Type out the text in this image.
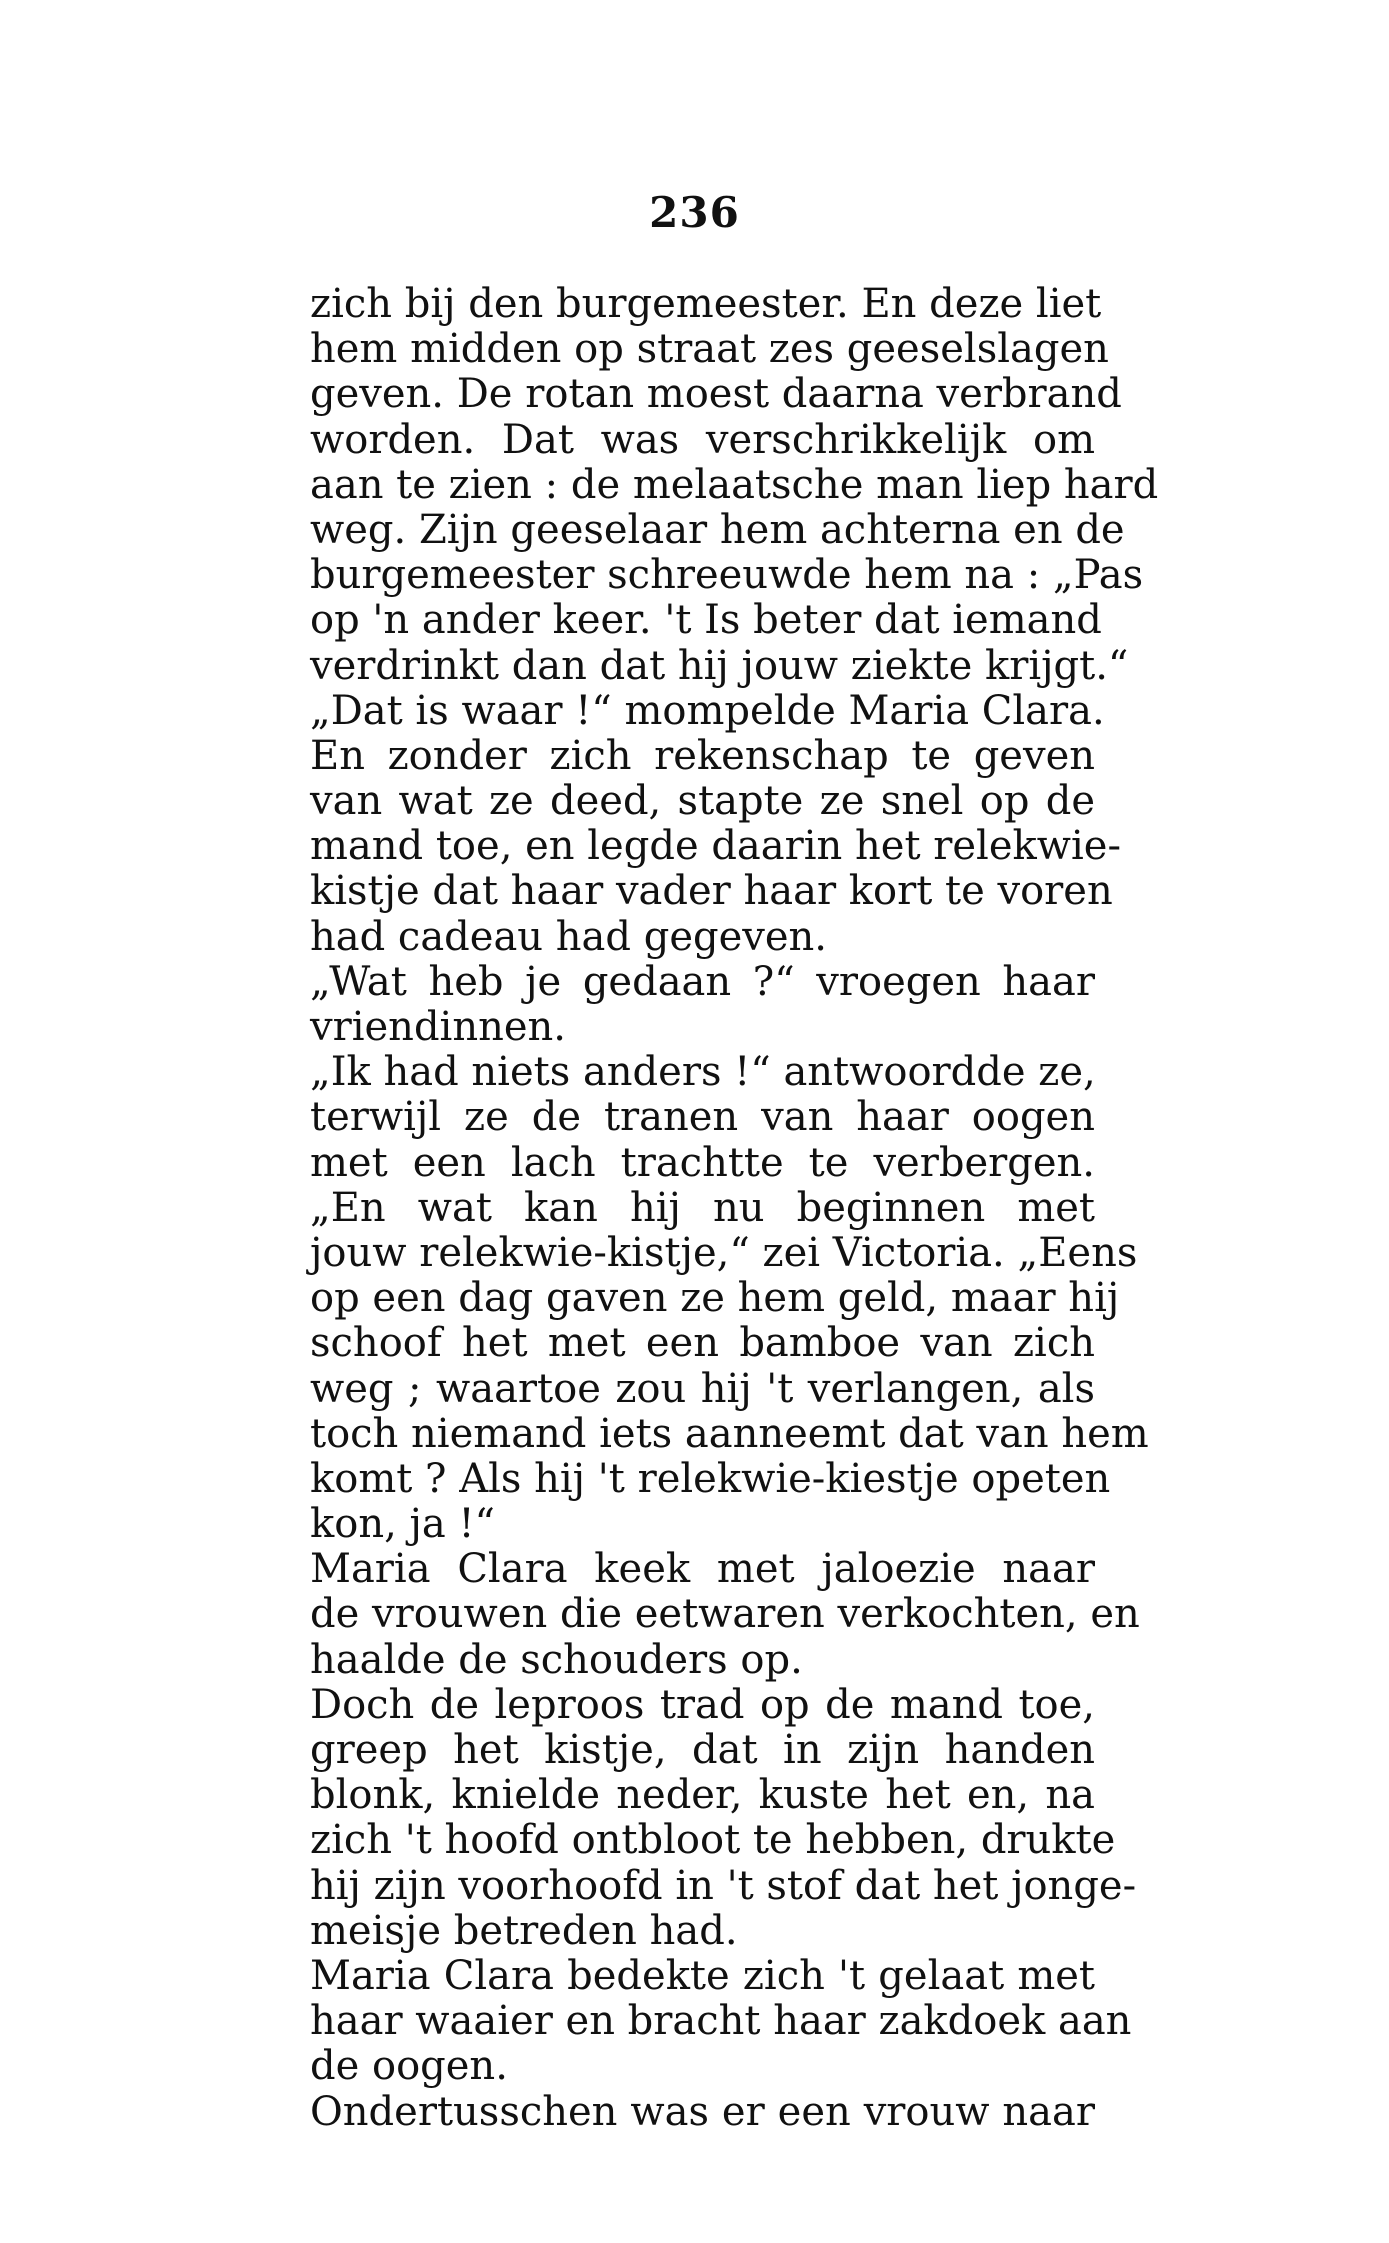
236
zich bij den burgemeester. En deze liet
hem midden op straat zes geeselslagen
geven. De rotan moest daarna verbrand
worden. Dat was verschrikkelijk om
aan te zien : de melaatsche man liep hard
weg. Zijn geeselaar hem achterna en de
burgemeester schreeuwde hem na : „Pas
op 'n ander keer. 't Is beter dat iemand
verdrinkt dan dat hij jouw ziekte krijgt.“
„Dat is waar !“ mompelde Maria Clara.
En zonder zich rekenschap te geven
van wat ze deed, stapte ze snel op de
mand toe, en legde daarin het relekwie-
kistje dat haar vader haar kort te voren
had cadeau had gegeven.
„Wat heb je gedaan ?“ vroegen haar
vriendinnen.
„Ik had niets anders !“ antwoordde ze,
terwijl ze de tranen van haar oogen
met een lach trachtte te verbergen.
„En wat kan hij nu beginnen met
jouw relekwie-kistje,“ zei Victoria. „Eens
op een dag gaven ze hem geld, maar hij
schoof het met een bamboe van zich
weg ; waartoe zou hij 't verlangen, als
toch niemand iets aanneemt dat van hem
komt ? Als hij 't relekwie-kiestje opeten
kon, ja !“
Maria Clara keek met jaloezie naar
de vrouwen die eetwaren verkochten, en
haalde de schouders op.
Doch de leproos trad op de mand toe,
greep het kistje, dat in zijn handen
blonk, knielde neder, kuste het en, na
zich 't hoofd ontbloot te hebben, drukte
hij zijn voorhoofd in 't stof dat het jonge-
meisje betreden had.
Maria Clara bedekte zich 't gelaat met
haar waaier en bracht haar zakdoek aan
de oogen.
Ondertusschen was er een vrouw naar
